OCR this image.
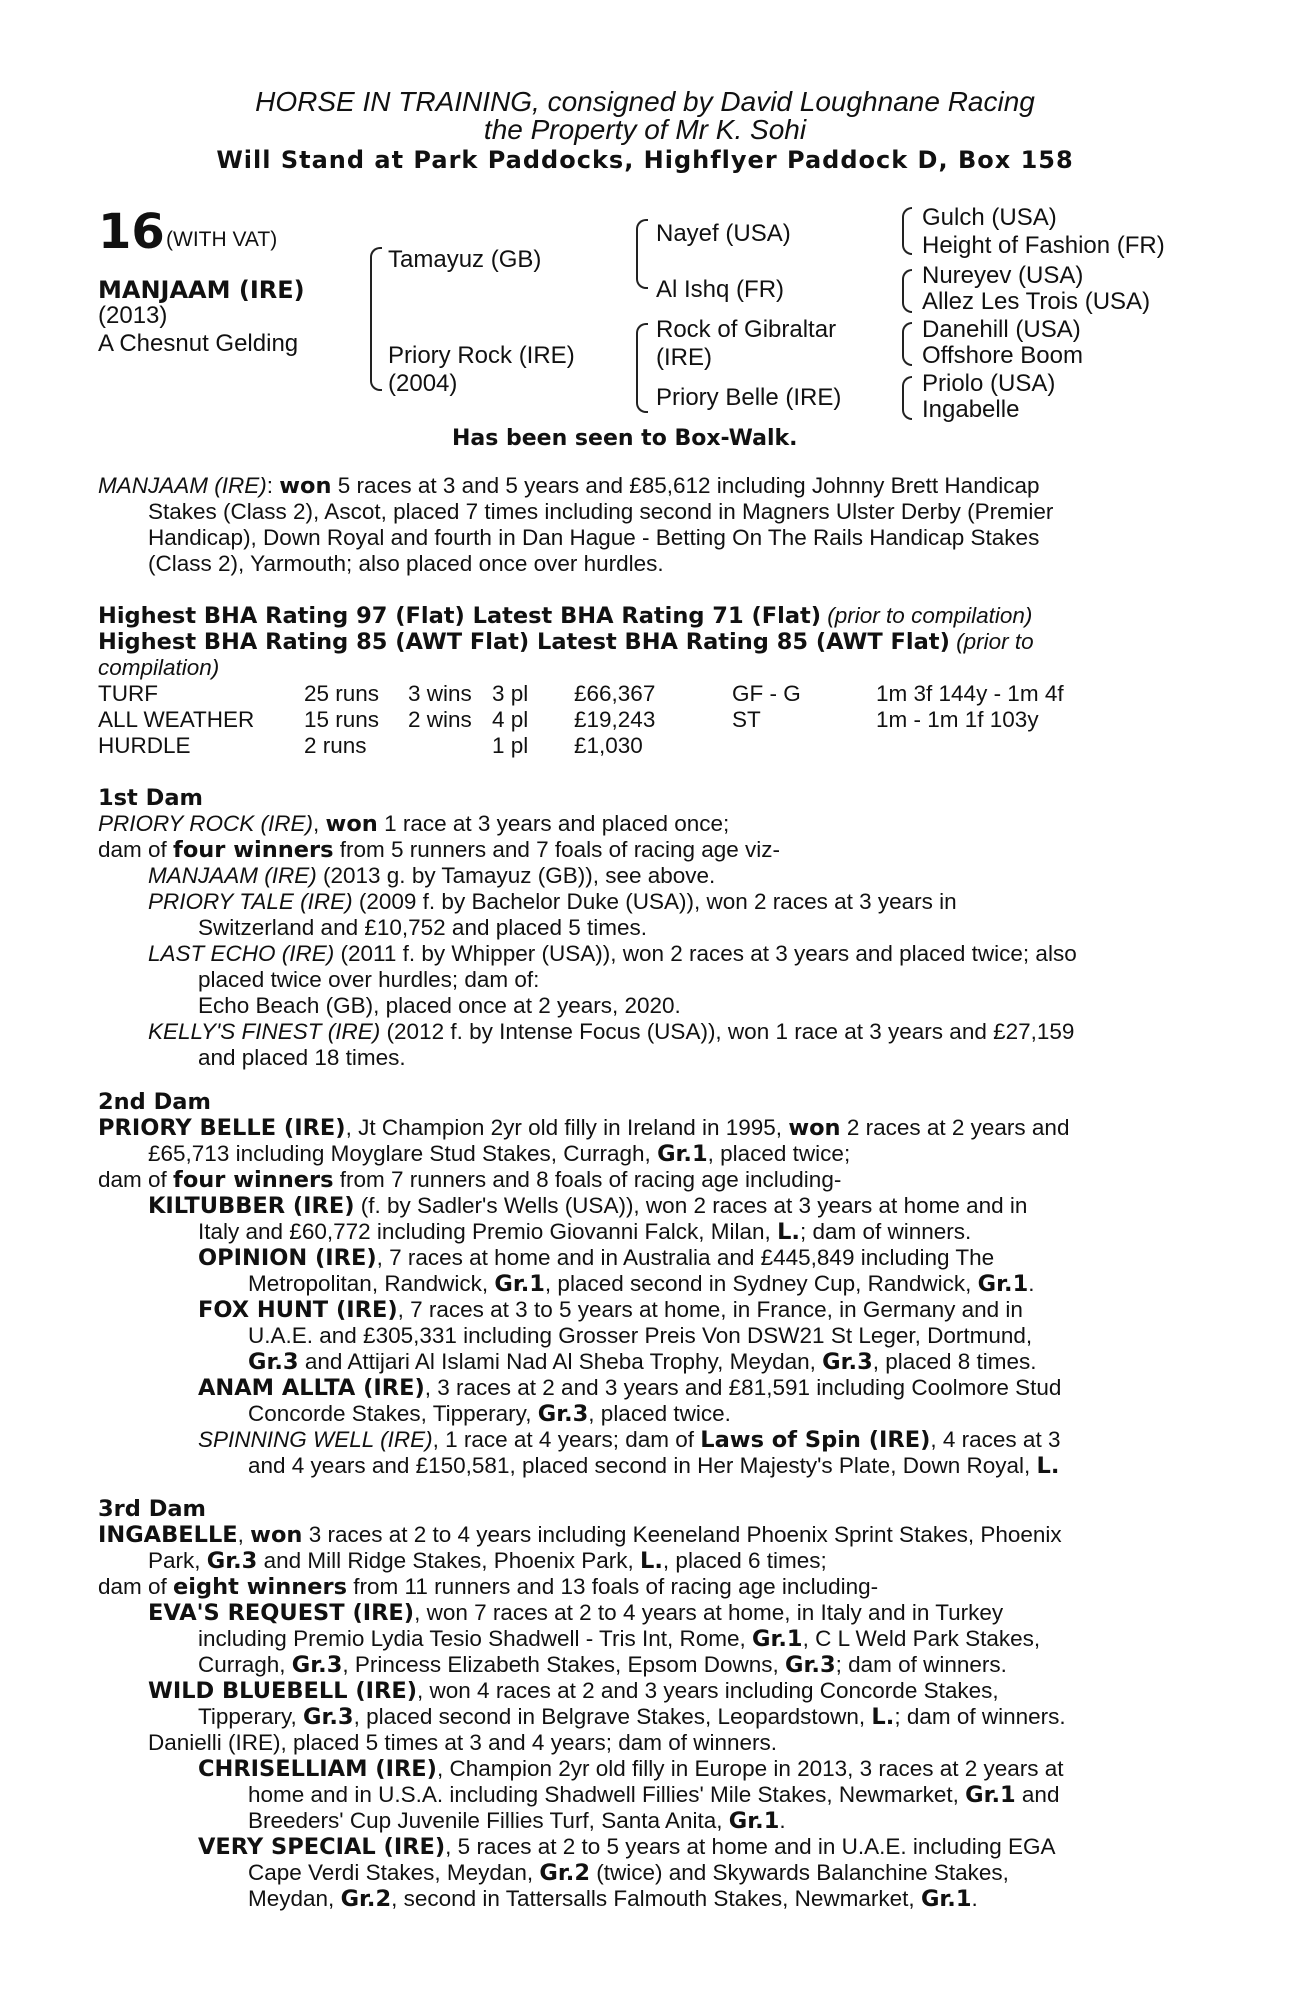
HORSE IN TRAINING, consigned by David Loughnane Racing
the Property of Mr K. Sohi
Will Stand at Park Paddocks, Highflyer Paddock D, Box 158
16 (WITH VAT)
MANJAAM (IRE)
(2013)
A Chesnut Gelding
Tamayuz (GB)
Priory Rock (IRE)
(2004)
Nayef (USA)
Al Ishq (FR)
Rock of Gibraltar
(IRE)
Priory Belle (IRE)
Gulch (USA)
Height of Fashion (FR)
Nureyev (USA)
Allez Les Trois (USA)
Danehill (USA)
Offshore Boom
Priolo (USA)
Ingabelle
Has been seen to Box-Walk.
MANJAAM (IRE): won 5 races at 3 and 5 years and £85,612 including Johnny Brett Handicap
Stakes (Class 2), Ascot, placed 7 times including second in Magners Ulster Derby (Premier
Handicap), Down Royal and fourth in Dan Hague - Betting On The Rails Handicap Stakes
(Class 2), Yarmouth; also placed once over hurdles.
Highest BHA Rating 97 (Flat) Latest BHA Rating 71 (Flat) (prior to compilation)
Highest BHA Rating 85 (AWT Flat) Latest BHA Rating 85 (AWT Flat) (prior to
compilation)
TURF	25 runs 3 wins 3 pl £66,367	GF - G	1m 3f 144y - 1m 4f
ALL WEATHER 15 runs 2 wins 4 pl £19,243	ST	1m - 1m 1f 103y
HURDLE	2 runs	1 pl £1,030
1st Dam
PRIORY ROCK (IRE), won 1 race at 3 years and placed once;
dam of four winners from 5 runners and 7 foals of racing age viz-
MANJAAM (IRE) (2013 g. by Tamayuz (GB)), see above.
PRIORY TALE (IRE) (2009 f. by Bachelor Duke (USA)), won 2 races at 3 years in
Switzerland and £10,752 and placed 5 times.
LAST ECHO (IRE) (2011 f. by Whipper (USA)), won 2 races at 3 years and placed twice; also
placed twice over hurdles; dam of:
Echo Beach (GB), placed once at 2 years, 2020.
KELLY'S FINEST (IRE) (2012 f. by Intense Focus (USA)), won 1 race at 3 years and £27,159
and placed 18 times.
2nd Dam
PRIORY BELLE (IRE), Jt Champion 2yr old filly in Ireland in 1995, won 2 races at 2 years and
£65,713 including Moyglare Stud Stakes, Curragh, Gr.1, placed twice;
dam of four winners from 7 runners and 8 foals of racing age including-
KILTUBBER (IRE) (f. by Sadler's Wells (USA)), won 2 races at 3 years at home and in
Italy and £60,772 including Premio Giovanni Falck, Milan, L.; dam of winners.
OPINION (IRE), 7 races at home and in Australia and £445,849 including The
Metropolitan, Randwick, Gr.1, placed second in Sydney Cup, Randwick, Gr.1.
FOX HUNT (IRE), 7 races at 3 to 5 years at home, in France, in Germany and in
U.A.E. and £305,331 including Grosser Preis Von DSW21 St Leger, Dortmund,
Gr.3 and Attijari Al Islami Nad Al Sheba Trophy, Meydan, Gr.3, placed 8 times.
ANAM ALLTA (IRE), 3 races at 2 and 3 years and £81,591 including Coolmore Stud
Concorde Stakes, Tipperary, Gr.3, placed twice.
SPINNING WELL (IRE), 1 race at 4 years; dam of Laws of Spin (IRE), 4 races at 3
and 4 years and £150,581, placed second in Her Majesty's Plate, Down Royal, L.
3rd Dam
INGABELLE, won 3 races at 2 to 4 years including Keeneland Phoenix Sprint Stakes, Phoenix
Park, Gr.3 and Mill Ridge Stakes, Phoenix Park, L., placed 6 times;
dam of eight winners from 11 runners and 13 foals of racing age including-
EVA'S REQUEST (IRE), won 7 races at 2 to 4 years at home, in Italy and in Turkey
including Premio Lydia Tesio Shadwell - Tris Int, Rome, Gr.1, C L Weld Park Stakes,
Curragh, Gr.3, Princess Elizabeth Stakes, Epsom Downs, Gr.3; dam of winners.
WILD BLUEBELL (IRE), won 4 races at 2 and 3 years including Concorde Stakes,
Tipperary, Gr.3, placed second in Belgrave Stakes, Leopardstown, L.; dam of winners.
Danielli (IRE), placed 5 times at 3 and 4 years; dam of winners.
CHRISELLIAM (IRE), Champion 2yr old filly in Europe in 2013, 3 races at 2 years at
home and in U.S.A. including Shadwell Fillies' Mile Stakes, Newmarket, Gr.1 and
Breeders' Cup Juvenile Fillies Turf, Santa Anita, Gr.1.
VERY SPECIAL (IRE), 5 races at 2 to 5 years at home and in U.A.E. including EGA
Cape Verdi Stakes, Meydan, Gr.2 (twice) and Skywards Balanchine Stakes,
Meydan, Gr.2, second in Tattersalls Falmouth Stakes, Newmarket, Gr.1.
